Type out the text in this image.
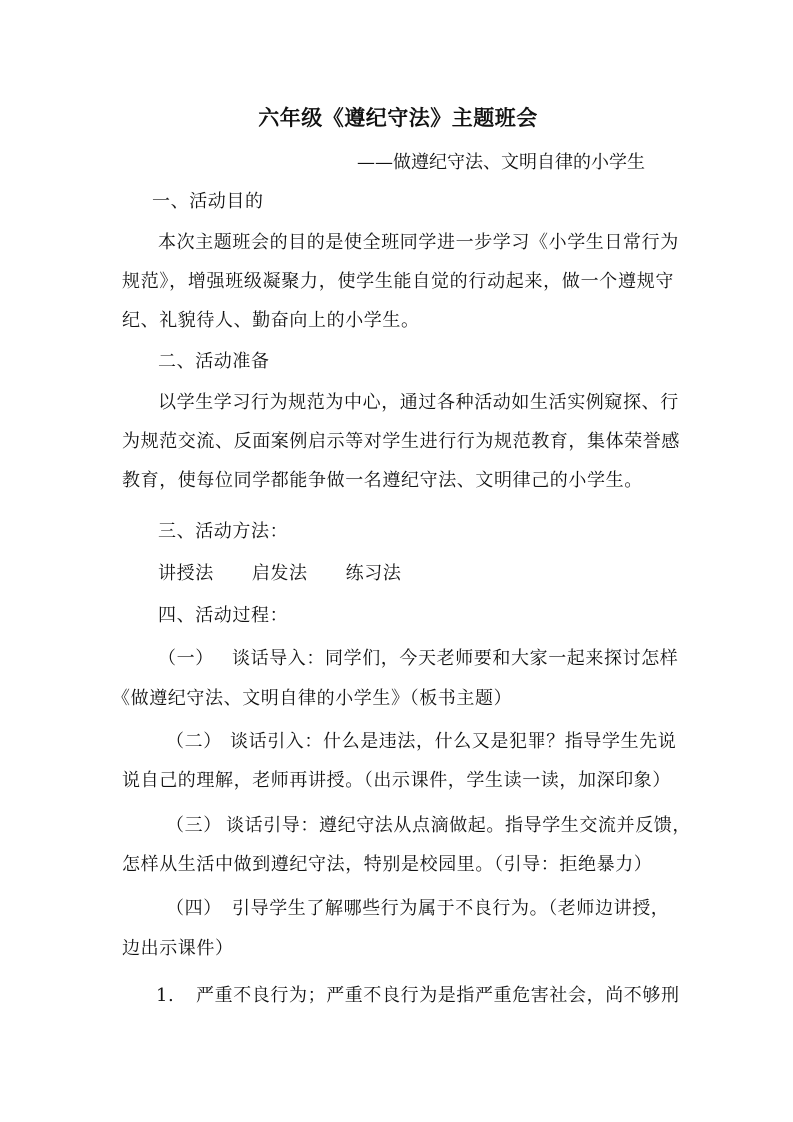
六年级《遵纪守法》主题班会
——做遵纪守法、文明自律的小学生
一、活动目的
本次主题班会的目的是使全班同学进一步学习《小学生日常行为
规范》，增强班级凝聚力，使学生能自觉的行动起来，做一个遵规守
纪、礼貌待人、勤奋向上的小学生。
二、活动准备
以学生学习行为规范为中心，通过各种活动如生活实例窥探、行
为规范交流、反面案例启示等对学生进行行为规范教育，集体荣誉感
教育，使每位同学都能争做一名遵纪守法、文明律己的小学生。
三、活动方法：
讲授法 启发法 练习法
四、活动过程：
（一） 谈话导入：同学们，今天老师要和大家一起来探讨怎样
《做遵纪守法、文明自律的小学生》（板书主题）
（二） 谈话引入：什么是违法，什么又是犯罪？指导学生先说
说自己的理解，老师再讲授。（出示课件，学生读一读，加深印象）
（三） 谈话引导：遵纪守法从点滴做起。指导学生交流并反馈，
怎样从生活中做到遵纪守法，特别是校园里。（引导：拒绝暴力）
（四） 引导学生了解哪些行为属于不良行为。（老师边讲授，
边出示课件）
1. 严重不良行为；严重不良行为是指严重危害社会，尚不够刑
